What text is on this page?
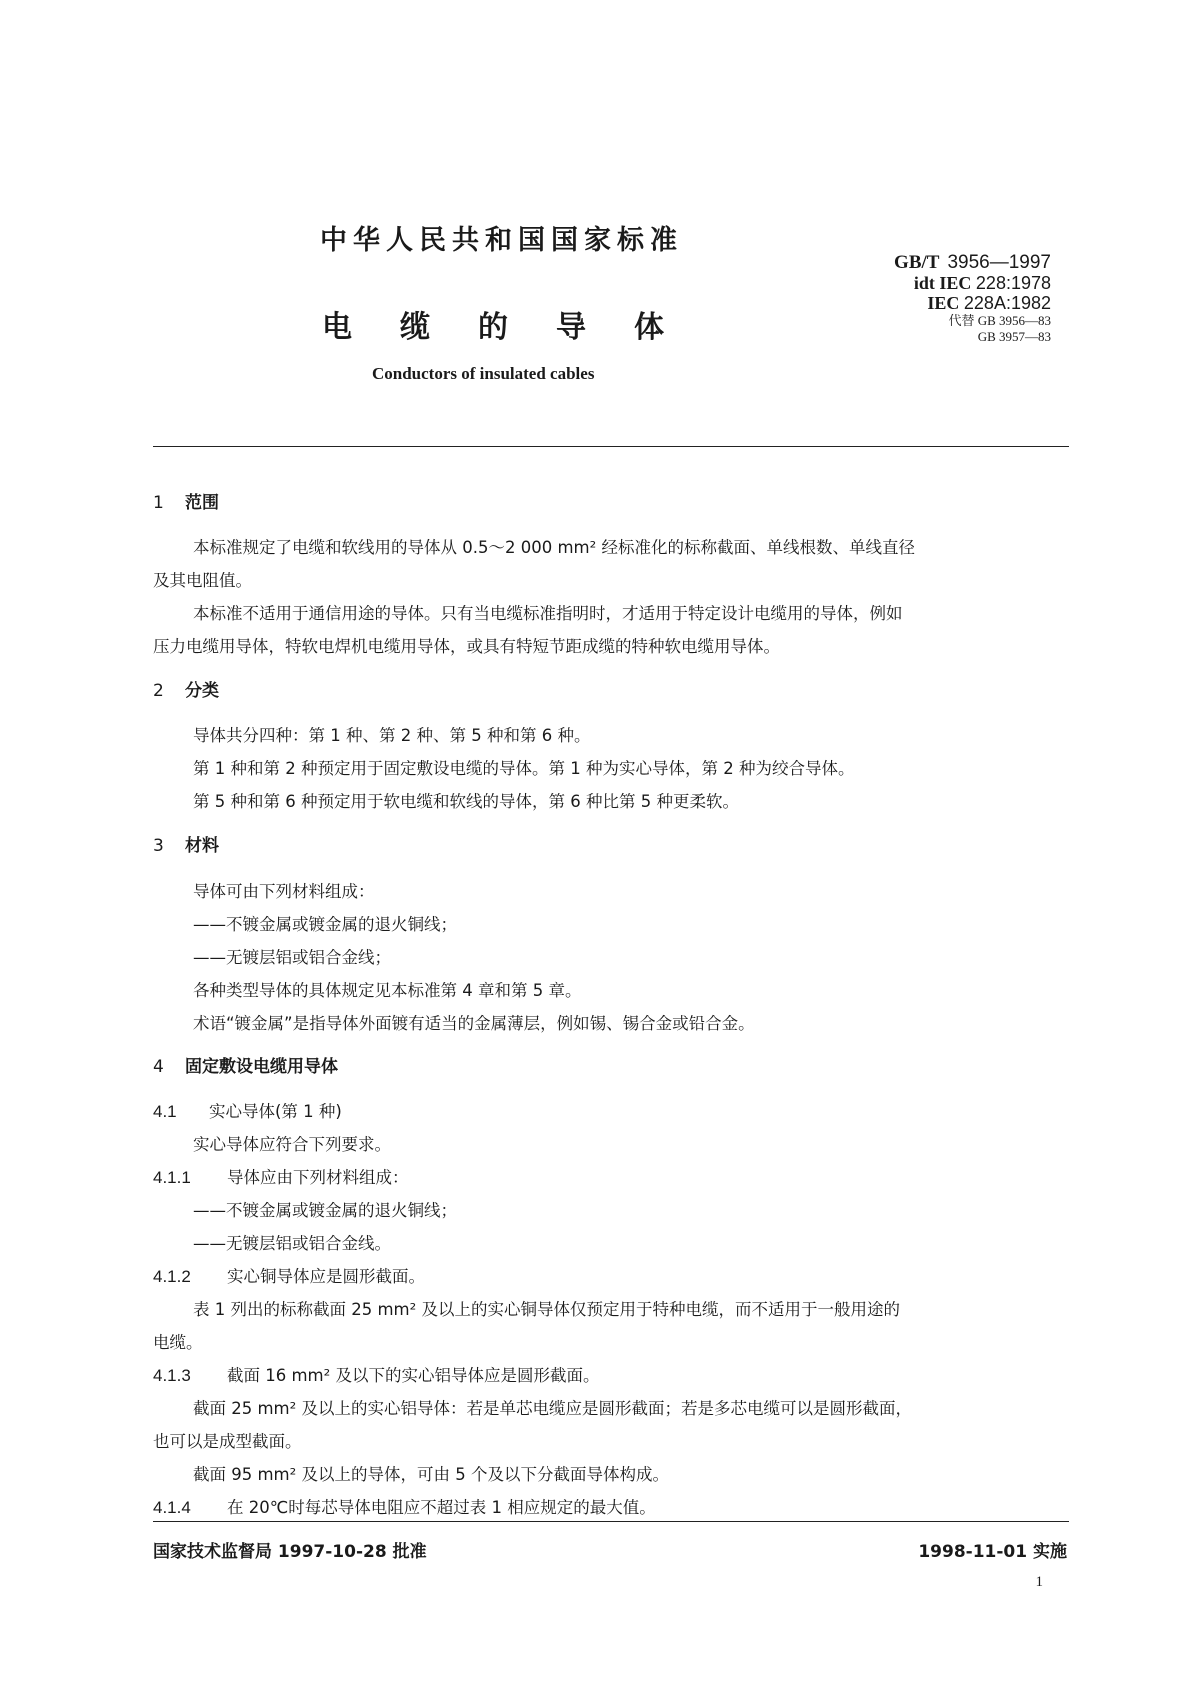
中华人民共和国国家标准
电 缆 的 导 体
Conductors of insulated cables
GB/T 3956—1997
idt IEC 228:1978
IEC 228A:1982
代替 GB 3956—83
GB 3957—83
1 范围
本标准规定了电缆和软线用的导体从 0.5～2 000 mm² 经标准化的标称截面、单线根数、单线直径
及其电阻值。
本标准不适用于通信用途的导体。只有当电缆标准指明时，才适用于特定设计电缆用的导体，例如
压力电缆用导体，特软电焊机电缆用导体，或具有特短节距成缆的特种软电缆用导体。
2 分类
导体共分四种：第 1 种、第 2 种、第 5 种和第 6 种。
第 1 种和第 2 种预定用于固定敷设电缆的导体。第 1 种为实心导体，第 2 种为绞合导体。
第 5 种和第 6 种预定用于软电缆和软线的导体，第 6 种比第 5 种更柔软。
3 材料
导体可由下列材料组成：
——不镀金属或镀金属的退火铜线；
——无镀层铝或铝合金线；
各种类型导体的具体规定见本标准第 4 章和第 5 章。
术语“镀金属”是指导体外面镀有适当的金属薄层，例如锡、锡合金或铅合金。
4 固定敷设电缆用导体
4.1 实心导体(第 1 种)
实心导体应符合下列要求。
4.1.1 导体应由下列材料组成：
——不镀金属或镀金属的退火铜线；
——无镀层铝或铝合金线。
4.1.2 实心铜导体应是圆形截面。
表 1 列出的标称截面 25 mm² 及以上的实心铜导体仅预定用于特种电缆，而不适用于一般用途的
电缆。
4.1.3 截面 16 mm² 及以下的实心铝导体应是圆形截面。
截面 25 mm² 及以上的实心铝导体：若是单芯电缆应是圆形截面；若是多芯电缆可以是圆形截面，
也可以是成型截面。
截面 95 mm² 及以上的导体，可由 5 个及以下分截面导体构成。
4.1.4 在 20℃时每芯导体电阻应不超过表 1 相应规定的最大值。
国家技术监督局 1997-10-28 批准	1998-11-01 实施
1
